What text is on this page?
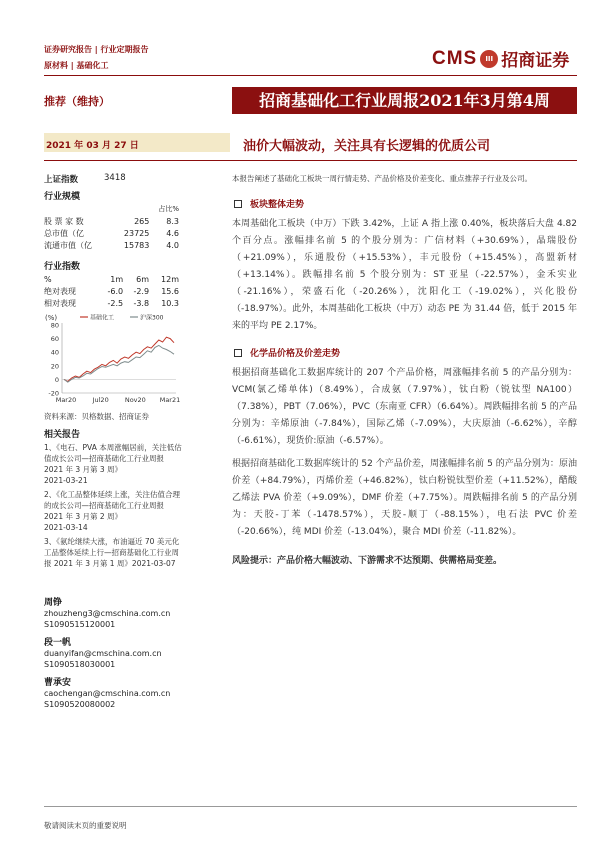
证券研究报告 | 行业定期报告
原材料 | 基础化工	CMS	III 招商证券
推荐（维持）	招商基础化工行业周报2021年3月第4周
2021 年 03 月 27 日	油价大幅波动，关注具有长逻辑的优质公司
上证指数	3418
行业规模
		占比%
股 票 家 数	265	8.3
总市值（亿	23725	4.6
流通市值（亿	15783	4.0
行业指数
%	1m	6m	12m
绝对表现	-6.0	-2.9	15.6
相对表现	-2.5	-3.8	10.3
(%)	基础化工	沪深300
80
60
40
20
0
-20
Mar20	Jul20 Nov20 Mar21
资料来源：贝格数据、招商证券
相关报告
1、《电石、PVA 本周涨幅居前，关注低估值成长公司—招商基础化工行业周报 2021 年 3 月第 3 周》
2021-03-21
2、《化工品整体延续上涨，关注估值合理的成长公司—招商基础化工行业周报 2021 年 3 月第 2 周》
2021-03-14
3、《氨纶继续大涨，布油逼近 70 美元化工品整体延续上行—招商基础化工行业周报 2021 年 3 月第 1 周》2021-03-07
周铮
zhouzheng3@cmschina.com.cn
S1090515120001
段一帆
duanyifan@cmschina.com.cn
S1090518030001
曹承安
caochengan@cmschina.com.cn
S1090520080002
本报告阐述了基础化工板块一周行情走势、产品价格及价差变化、重点推荐子行业及公司。
板块整体走势

本周基础化工板块（中万）下跌 3.42%，上证 A 指上涨 0.40%，板块落后大盘 4.82 个百分点。涨幅排名前 5 的个股分别为：广信材料（+30.69%），晶瑞股份（+21.09%），乐通股份（+15.53%），丰元股份（+15.45%），高盟新材（+13.14%）。跌幅排名前 5 个股分别为：ST 亚星（-22.57%），金禾实业（-21.16%），荣盛石化（-20.26%），沈阳化工（-19.02%），兴化股份（-18.97%）。此外，本周基础化工板块（中万）动态 PE 为 31.44 倍，低于 2015 年来的平均 PE 2.17%。

化学品价格及价差走势

根据招商基础化工数据库统计的 207 个产品价格，周涨幅排名前 5 的产品分别为：VCM(氯乙烯单体)（8.49%），合成氨（7.97%），钛白粉（锐钛型 NA100）（7.38%），PBT（7.06%），PVC（东南亚 CFR）（6.64%）。周跌幅排名前 5 的产品分别为：辛烯原油（-7.84%），国际乙烯（-7.09%），大庆原油（-6.62%），辛醇（-6.61%），现货价:原油（-6.57%）。

根据招商基础化工数据库统计的 52 个产品价差，周涨幅排名前 5 的产品分别为：原油价差（+84.79%），丙烯价差（+46.82%），钛白粉锐钛型价差（+11.52%），醋酸乙烯法 PVA 价差（+9.09%），DMF 价差（+7.75%）。周跌幅排名前 5 的产品分别为：天胶-丁苯（-1478.57%），天胶-顺丁（-88.15%），电石法 PVC 价差（-20.66%），纯 MDI 价差（-13.04%），聚合 MDI 价差（-11.82%）。

风险提示：产品价格大幅波动、下游需求不达预期、供需格局变差。
敬请阅读末页的重要说明
